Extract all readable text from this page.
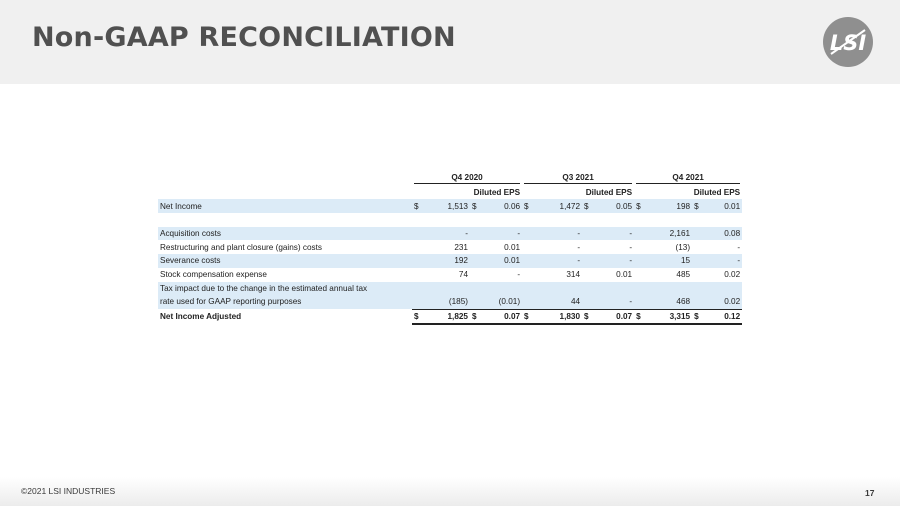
Non-GAAP RECONCILIATION	LSI
	Q4 2020				Q3 2021				Q4 2021			
	Diluted EPS				Diluted EPS				Diluted EPS			
Net Income	$	1,513	$	0.06	$	1,472	$	0.05	$	198	$	0.01

Acquisition costs		-		-		-		-		2,161		0.08
Restructuring and plant closure (gains) costs		231		0.01		-		-		(13)		-
Severance costs		192		0.01		-		-		15		-
Stock compensation expense		74		-		314		0.01		485		0.02
Tax impact due to the change in the estimated annual tax												
rate used for GAAP reporting purposes		(185)		(0.01)		44		-		468		0.02
Net Income Adjusted	$	1,825	$	0.07	$	1,830	$	0.07	$	3,315	$	0.12
©2021 LSI INDUSTRIES	17
